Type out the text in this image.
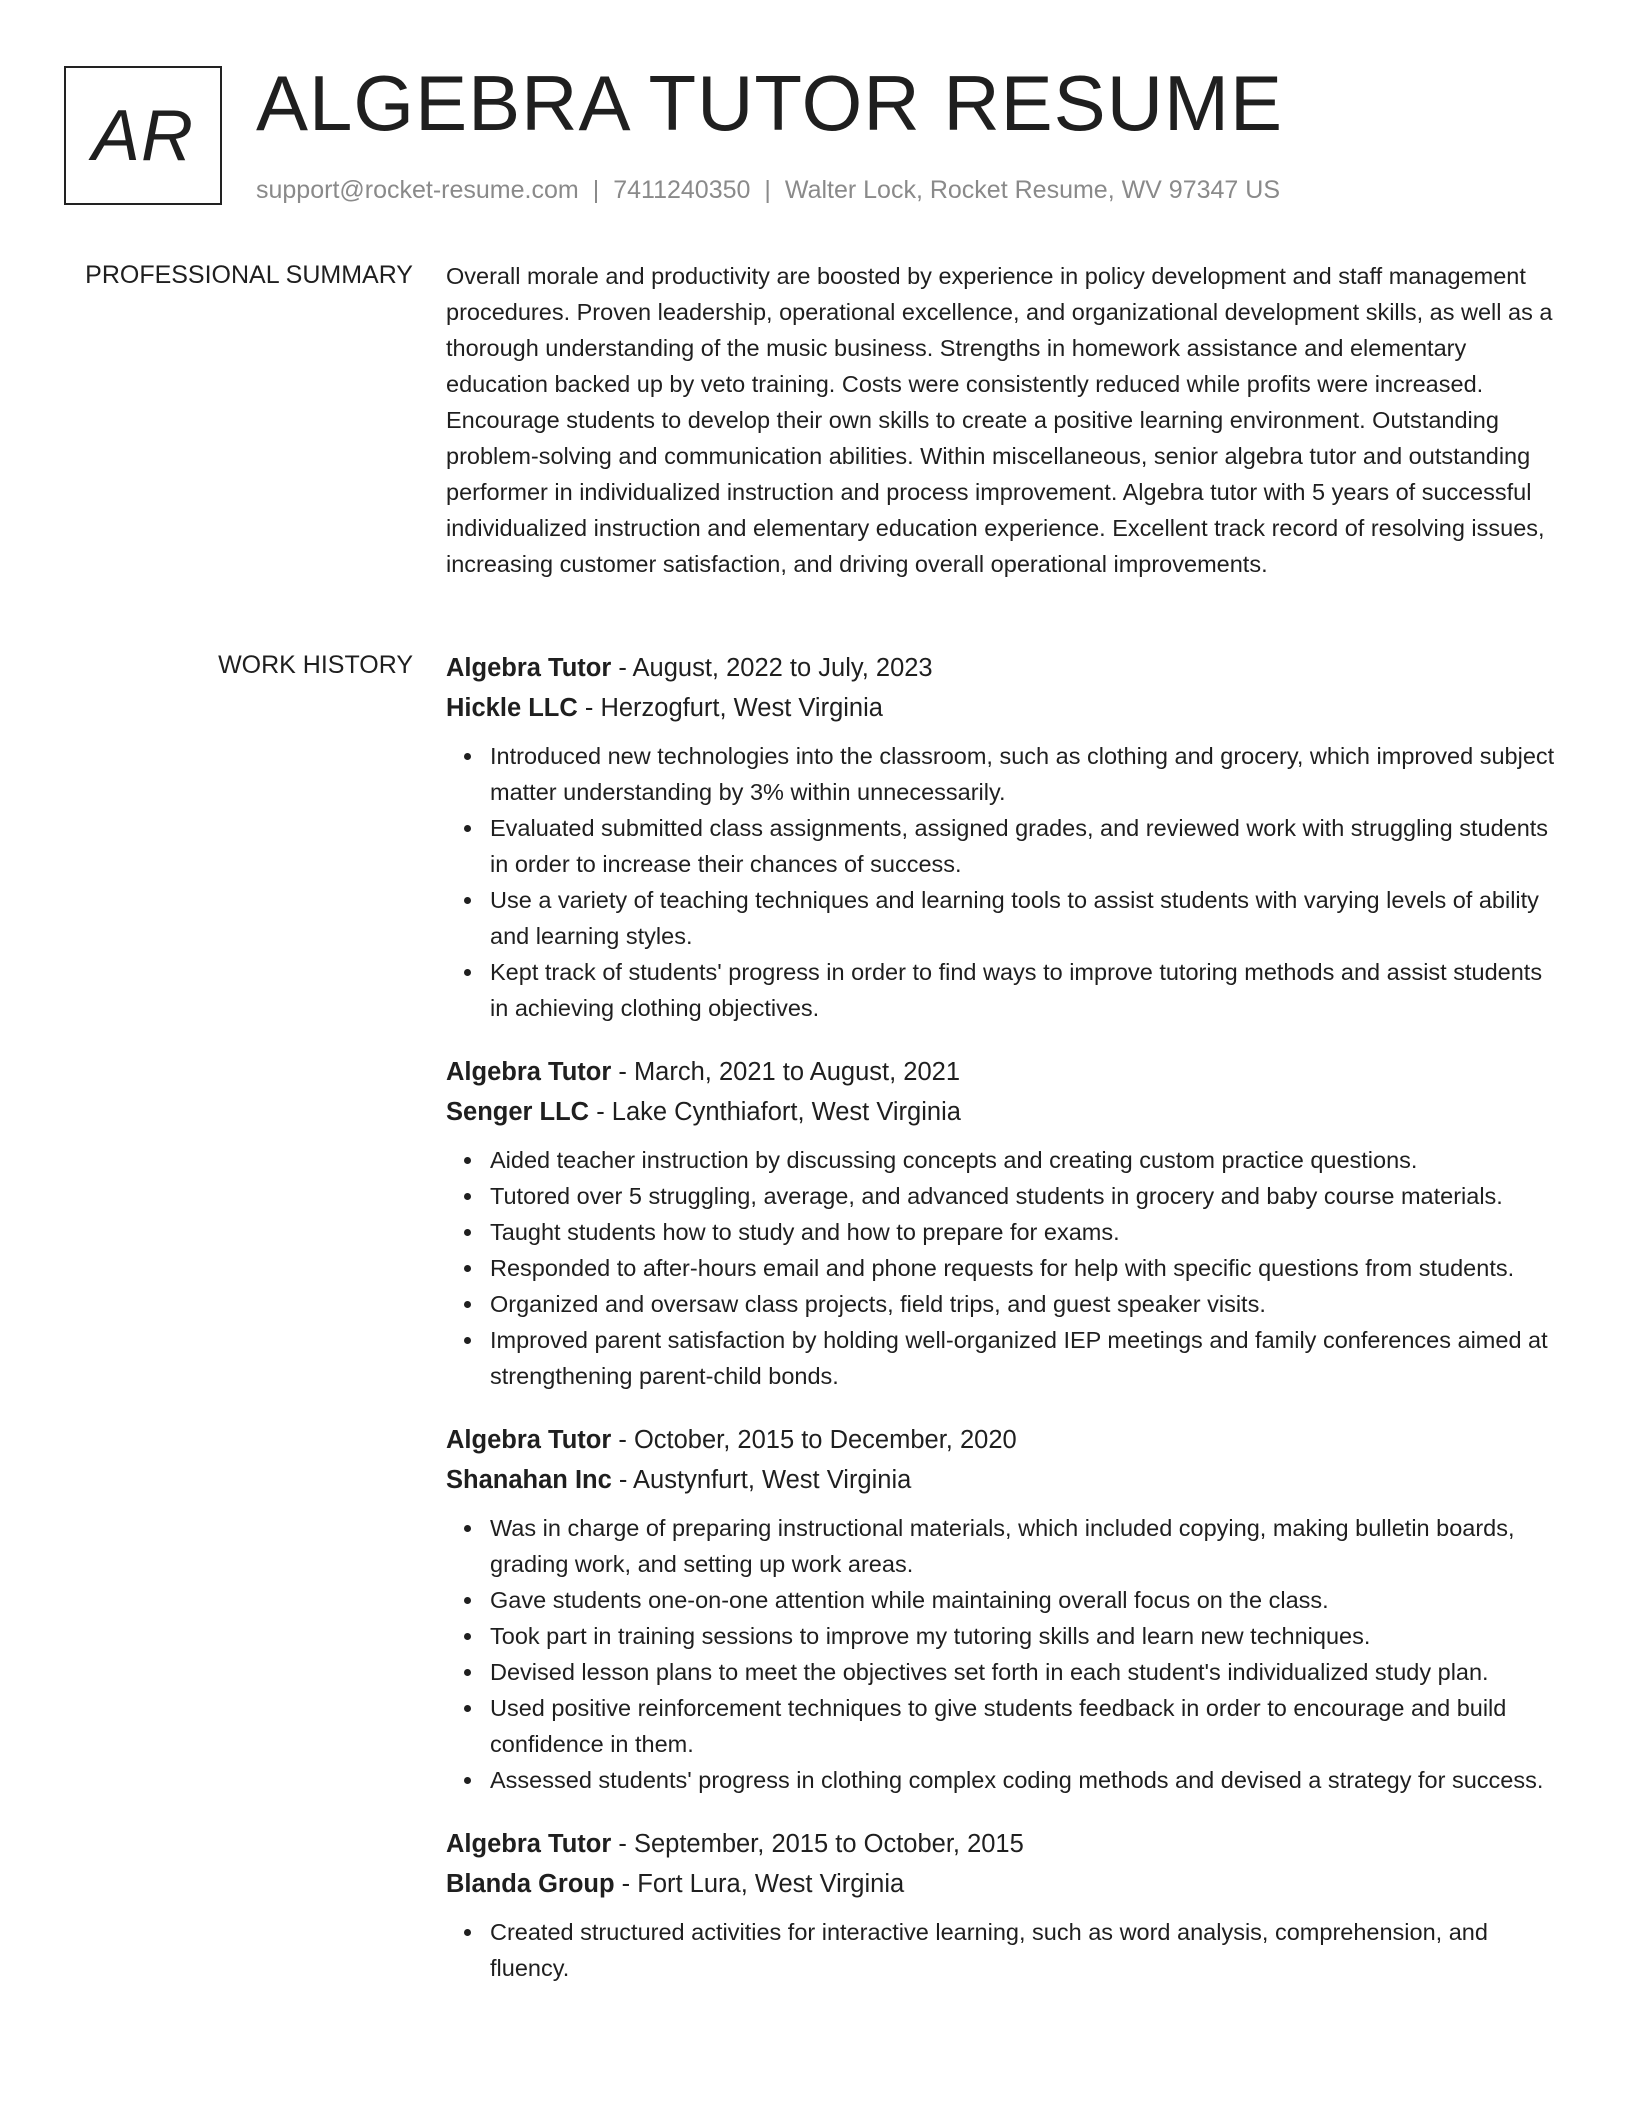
AR ALGEBRA TUTOR RESUME
support@rocket-resume.com | 7411240350 | Walter Lock, Rocket Resume, WV 97347 US
PROFESSIONAL SUMMARY Overall morale and productivity are boosted by experience in policy development and staff management procedures. Proven leadership, operational excellence, and organizational development skills, as well as a thorough understanding of the music business. Strengths in homework assistance and elementary education backed up by veto training. Costs were consistently reduced while profits were increased. Encourage students to develop their own skills to create a positive learning environment. Outstanding problem-solving and communication abilities. Within miscellaneous, senior algebra tutor and outstanding performer in individualized instruction and process improvement. Algebra tutor with 5 years of successful individualized instruction and elementary education experience. Excellent track record of resolving issues, increasing customer satisfaction, and driving overall operational improvements.
WORK HISTORY Algebra Tutor - August, 2022 to July, 2023
Hickle LLC - Herzogfurt, West Virginia
Introduced new technologies into the classroom, such as clothing and grocery, which improved subject matter understanding by 3% within unnecessarily.
Evaluated submitted class assignments, assigned grades, and reviewed work with struggling students in order to increase their chances of success.
Use a variety of teaching techniques and learning tools to assist students with varying levels of ability and learning styles.
Kept track of students' progress in order to find ways to improve tutoring methods and assist students in achieving clothing objectives.
Algebra Tutor - March, 2021 to August, 2021
Senger LLC - Lake Cynthiafort, West Virginia
Aided teacher instruction by discussing concepts and creating custom practice questions.
Tutored over 5 struggling, average, and advanced students in grocery and baby course materials.
Taught students how to study and how to prepare for exams.
Responded to after-hours email and phone requests for help with specific questions from students.
Organized and oversaw class projects, field trips, and guest speaker visits.
Improved parent satisfaction by holding well-organized IEP meetings and family conferences aimed at strengthening parent-child bonds.
Algebra Tutor - October, 2015 to December, 2020
Shanahan Inc - Austynfurt, West Virginia
Was in charge of preparing instructional materials, which included copying, making bulletin boards, grading work, and setting up work areas.
Gave students one-on-one attention while maintaining overall focus on the class.
Took part in training sessions to improve my tutoring skills and learn new techniques.
Devised lesson plans to meet the objectives set forth in each student's individualized study plan.
Used positive reinforcement techniques to give students feedback in order to encourage and build confidence in them.
Assessed students' progress in clothing complex coding methods and devised a strategy for success.
Algebra Tutor - September, 2015 to October, 2015
Blanda Group - Fort Lura, West Virginia
Created structured activities for interactive learning, such as word analysis, comprehension, and fluency.
